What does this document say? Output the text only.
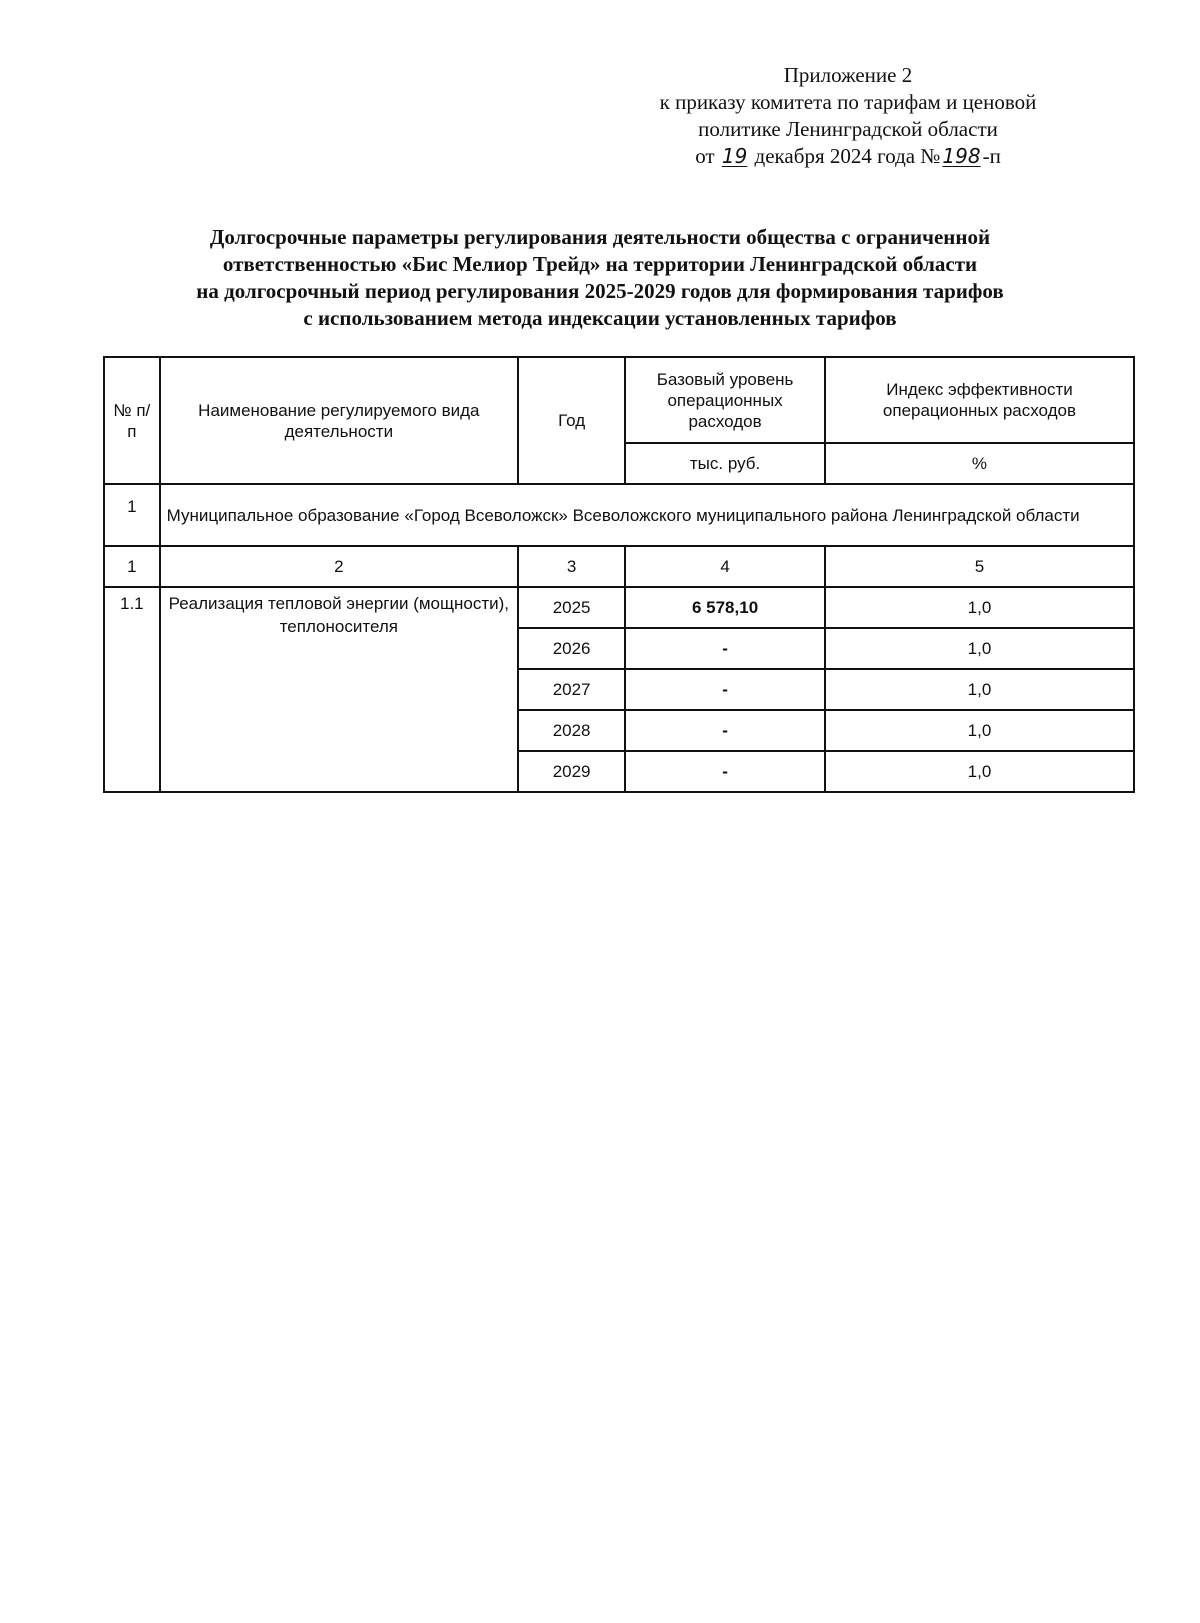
Приложение 2
к приказу комитета по тарифам и ценовой
политике Ленинградской области
от 19 декабря 2024 года № 198-п
Долгосрочные параметры регулирования деятельности общества с ограниченной
ответственностью «Бис Мелиор Трейд» на территории Ленинградской области
на долгосрочный период регулирования 2025-2029 годов для формирования тарифов
с использованием метода индексации установленных тарифов
№ п/п	Наименование регулируемого вида деятельности	Год	Базовый уровень операционных расходов	Индекс эффективности операционных расходов
			тыс. руб.	%
1	Муниципальное образование «Город Всеволожск» Всеволожского муниципального района Ленинградской области			
1	2	3	4	5
1.1	Реализация тепловой энергии (мощности), теплоносителя	2025	6 578,10	1,0
		2026	-	1,0
		2027	-	1,0
		2028	-	1,0
		2029	-	1,0
